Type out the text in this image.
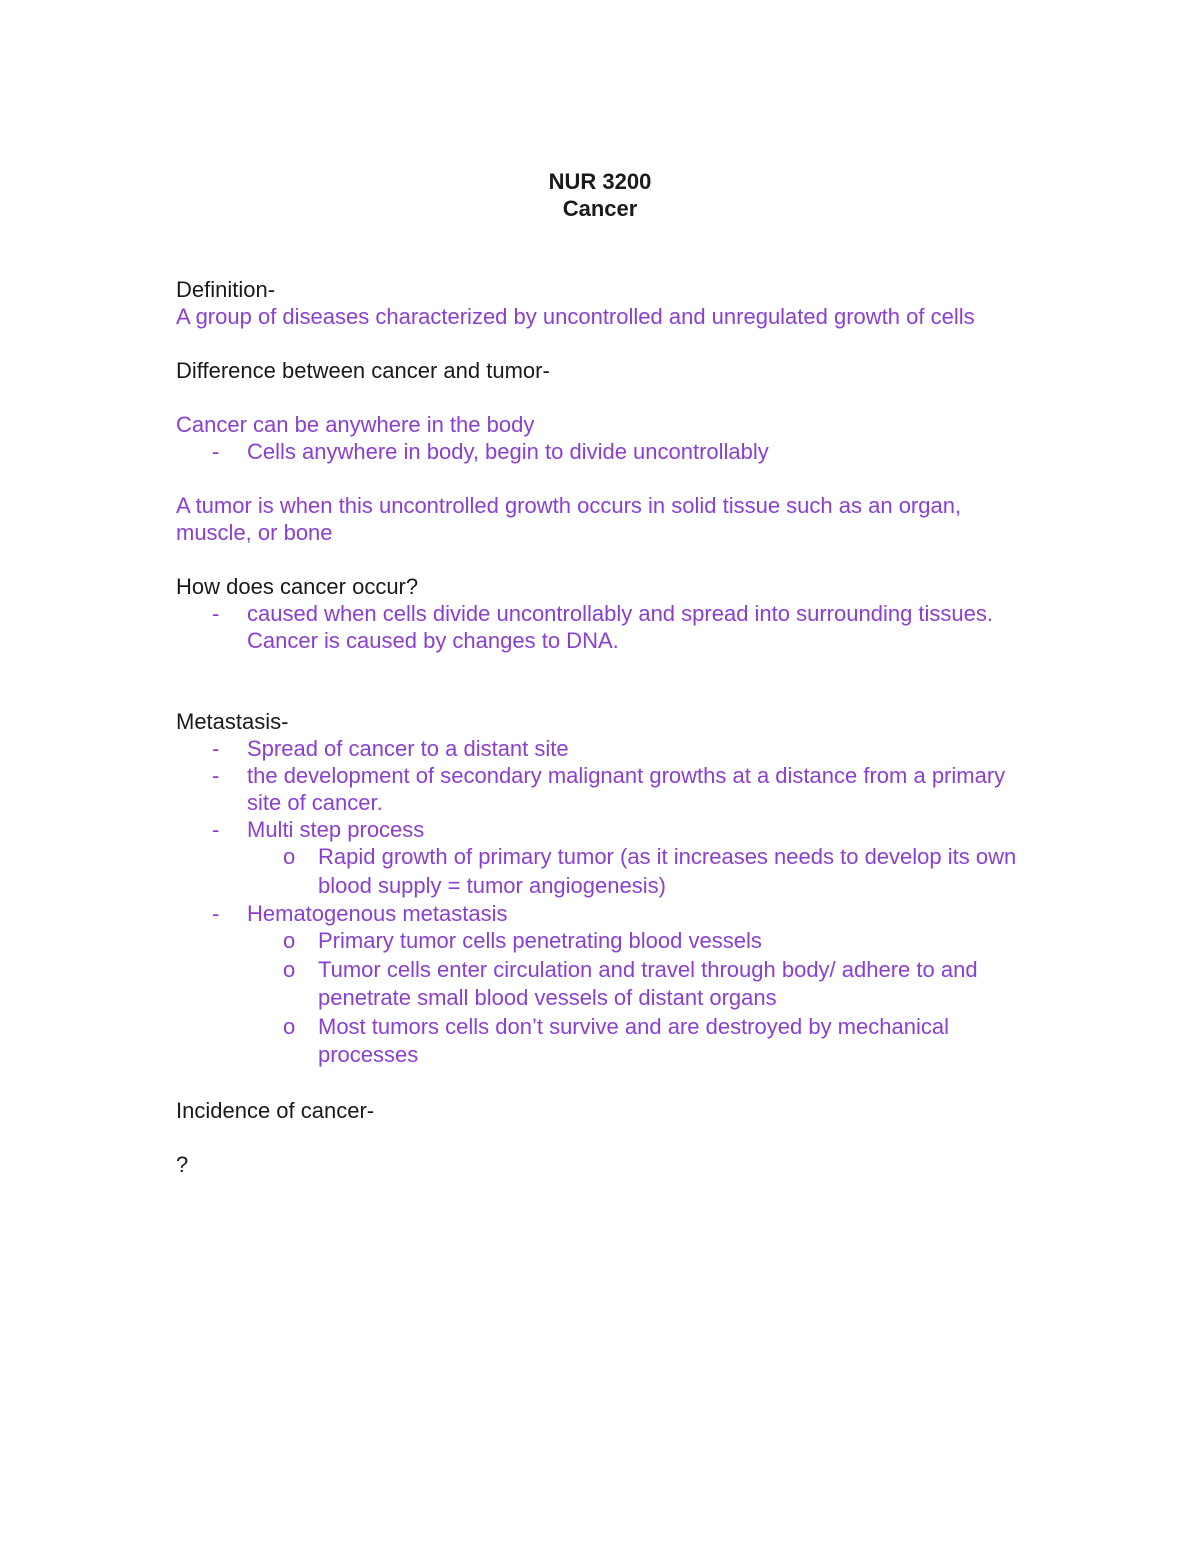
NUR 3200
Cancer
Definition-
A group of diseases characterized by uncontrolled and unregulated growth of cells
Difference between cancer and tumor-
Cancer can be anywhere in the body
- Cells anywhere in body, begin to divide uncontrollably
A tumor is when this uncontrolled growth occurs in solid tissue such as an organ, muscle, or bone
How does cancer occur?
- caused when cells divide uncontrollably and spread into surrounding tissues. Cancer is caused by changes to DNA.
Metastasis-
- Spread of cancer to a distant site
- the development of secondary malignant growths at a distance from a primary site of cancer.
- Multi step process
o Rapid growth of primary tumor (as it increases needs to develop its own blood supply = tumor angiogenesis)
- Hematogenous metastasis
o Primary tumor cells penetrating blood vessels
o Tumor cells enter circulation and travel through body/ adhere to and penetrate small blood vessels of distant organs
o Most tumors cells don’t survive and are destroyed by mechanical processes
Incidence of cancer-
?
